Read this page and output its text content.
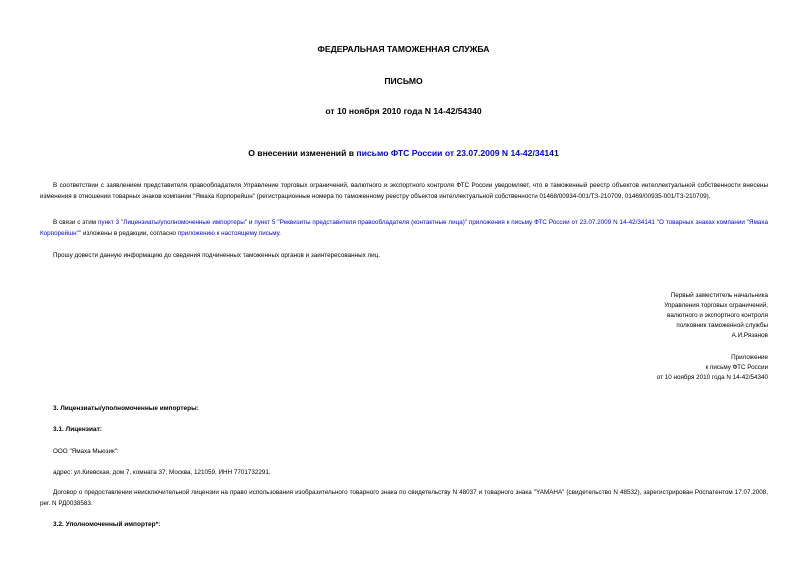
ФЕДЕРАЛЬНАЯ ТАМОЖЕННАЯ СЛУЖБА
ПИСЬМО
от 10 ноября 2010 года N 14-42/54340
О внесении изменений в письмо ФТС России от 23.07.2009 N 14-42/34141
В соответствии с заявлением представителя правообладателя Управление торговых ограничений, валютного и экспортного контроля ФТС России уведомляет, что в таможенный реестр объектов интеллектуальной собственности внесены изменения в отношении товарных знаков компании "Ямаха Корпорейшн" (регистрационные номера по таможенному реестру объектов интеллектуальной собственности 01468/00934-001/ТЗ-210709, 01469/00935-001/ТЗ-210709).
В связи с этим пункт 3 "Лицензиаты/уполномоченные импортеры" и пункт 5 "Реквизиты представителя правообладателя (контактные лица)" приложения к письму ФТС России от 23.07.2009 N 14-42/34141 "О товарных знаках компании "Ямаха Корпорейшн"" изложены в редакции, согласно приложению к настоящему письму.
Прошу довести данную информацию до сведения подчиненных таможенных органов и заинтересованных лиц.
Первый заместитель начальника
Управления торговых ограничений,
валютного и экспортного контроля
полковник таможенной службы
А.И.Рязанов
Приложение
к письму ФТС России
от 10 ноября 2010 года N 14-42/54340
3. Лицензиаты/уполномоченные импортеры:
3.1. Лицензиат:
ООО "Ямаха Мьюзик":
адрес: ул.Киевская, дом 7, комната 37, Москва, 121059, ИНН 7701732291.
Договор о предоставлении неисключительной лицензии на право использования изобразительного товарного знака по свидетельству N 48037 и товарного знака "YAMAHA" (свидетельство N 48532), зарегистрирован Роспатентом 17.07.2008, рег. N РД0038583.
3.2. Уполномоченный импортер*:
